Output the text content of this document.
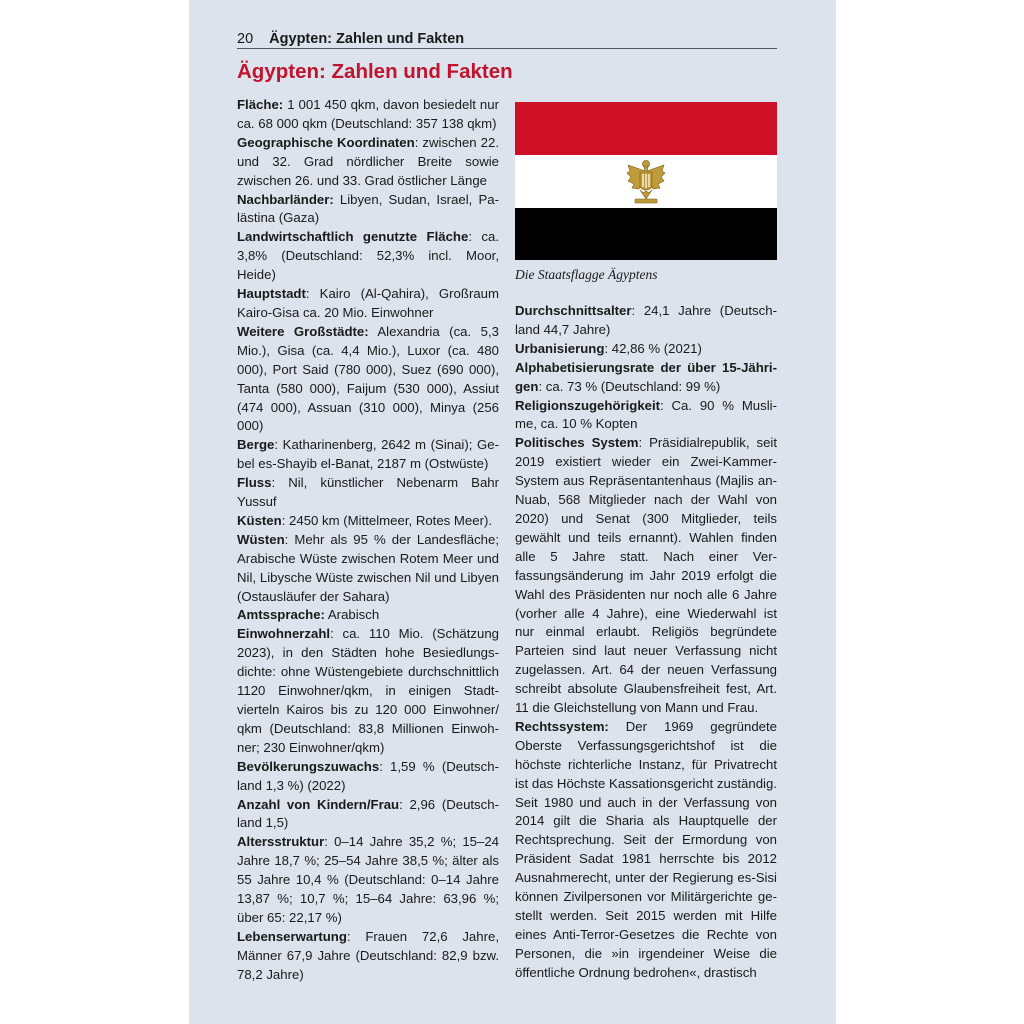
20 Ägypten: Zahlen und Fakten
Ägypten: Zahlen und Fakten

Fläche: 1 001 450 qkm, davon besiedelt nur ca. 68 000 qkm (Deutschland: 357 138 qkm)

Geographische Koordinaten: zwischen 22. und 32. Grad nördlicher Breite sowie zwischen 26. und 33. Grad östlicher Länge

Nachbarländer: Libyen, Sudan, Israel, Palästina (Gaza)

Landwirtschaftlich genutzte Fläche: ca. 3,8% (Deutschland: 52,3% incl. Moor, Heide)

Hauptstadt: Kairo (Al-Qahira), Großraum Kairo-Gisa ca. 20 Mio. Einwohner

Weitere Großstädte: Alexandria (ca. 5,3 Mio.), Gisa (ca. 4,4 Mio.), Luxor (ca. 480 000), Port Said (780 000), Suez (690 000), Tanta (580 000), Faijum (530 000), Assiut (474 000), Assuan (310 000), Minya (256 000)

Berge: Katharinenberg, 2642 m (Sinai); Gebel es-Shayib el-Banat, 2187 m (Ostwüste)

Fluss: Nil, künstlicher Nebenarm Bahr Yussuf

Küsten: 2450 km (Mittelmeer, Rotes Meer).

Wüsten: Mehr als 95 % der Landesfläche; Arabische Wüste zwischen Rotem Meer und Nil, Libysche Wüste zwischen Nil und Libyen (Ostausläufer der Sahara)

Amtssprache: Arabisch

Einwohnerzahl: ca. 110 Mio. (Schätzung 2023), in den Städten hohe Besiedlungsdichte: ohne Wüstengebiete durchschnittlich 1120 Einwohner/qkm, in einigen Stadtvierteln Kairos bis zu 120 000 Einwohner/​qkm (Deutschland: 83,8 Millionen Einwohner; 230 Einwohner/qkm)

Bevölkerungszuwachs: 1,59 % (Deutschland 1,3 %) (2022)

Anzahl von Kindern/Frau: 2,96 (Deutschland 1,5)

Altersstruktur: 0–14 Jahre 35,2 %; 15–24 Jahre 18,7 %; 25–54 Jahre 38,5 %; älter als 55 Jahre 10,4 % (Deutschland: 0–14 Jahre 13,87 %; 10,7 %; 15–64 Jahre: 63,96 %; über 65: 22,17 %)

Lebenserwartung: Frauen 72,6 Jahre, Männer 67,9 Jahre (Deutschland: 82,9 bzw. 78,2 Jahre)

Die Staatsflagge Ägyptens

Durchschnittsalter: 24,1 Jahre (Deutschland 44,7 Jahre)

Urbanisierung: 42,86 % (2021)

Alphabetisierungsrate der über 15-Jährigen: ca. 73 % (Deutschland: 99 %)

Religionszugehörigkeit: Ca. 90 % Muslime, ca. 10 % Kopten

Politisches System: Präsidialrepublik, seit 2019 existiert wieder ein Zwei-Kammer-System aus Repräsentantenhaus (Majlis an-Nuab, 568 Mitglieder nach der Wahl von 2020) und Senat (300 Mitglieder, teils gewählt und teils ernannt). Wahlen finden alle 5 Jahre statt. Nach einer Verfassungsänderung im Jahr 2019 erfolgt die Wahl des Präsidenten nur noch alle 6 Jahre (vorher alle 4 Jahre), eine Wiederwahl ist nur einmal erlaubt. Religiös begründete Parteien sind laut neuer Verfassung nicht zugelassen. Art. 64 der neuen Verfassung schreibt absolute Glaubensfreiheit fest, Art. 11 die Gleichstellung von Mann und Frau.

Rechtssystem: Der 1969 gegründete Oberste Verfassungsgerichtshof ist die höchste richterliche Instanz, für Privatrecht ist das Höchste Kassationsgericht zuständig. Seit 1980 und auch in der Verfassung von 2014 gilt die Sharia als Hauptquelle der Rechtsprechung. Seit der Ermordung von Präsident Sadat 1981 herrschte bis 2012 Ausnahmerecht, unter der Regierung es-Sisi können Zivilpersonen vor Militärgerichte gestellt werden. Seit 2015 werden mit Hilfe eines Anti-Terror-Gesetzes die Rechte von Personen, die »in irgendeiner Weise die öffentliche Ordnung bedrohen«, drastisch
